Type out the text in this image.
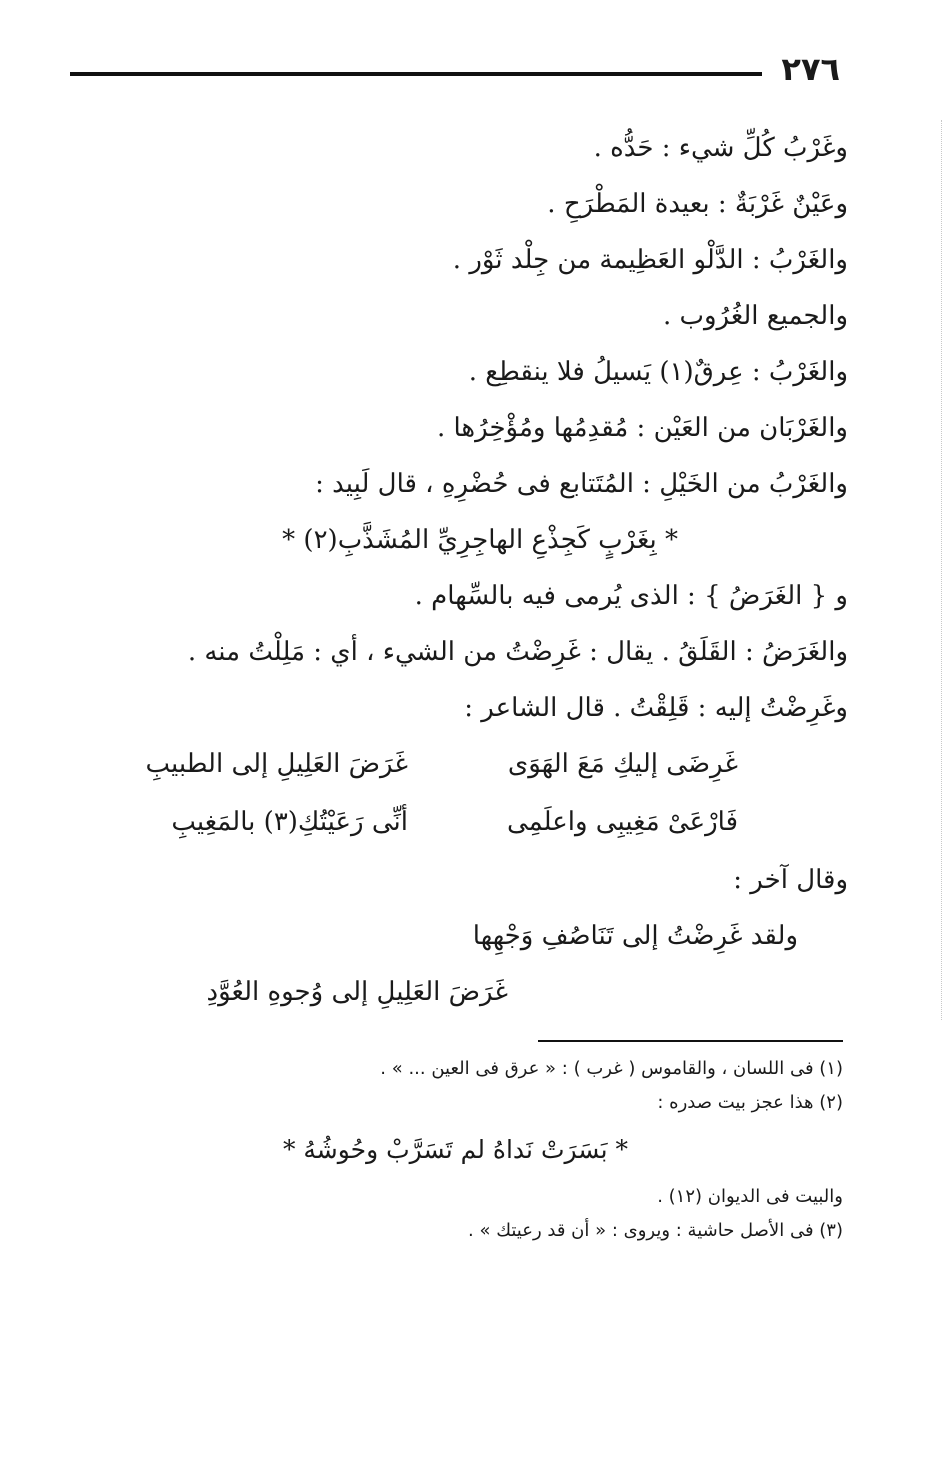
٢٧٦
وغَرْبُ كُلِّ شيء : حَدُّه .
وعَيْنٌ غَرْبَةٌ : بعيدة المَطْرَحِ .
والغَرْبُ : الدَّلْو العَظِيمة من جِلْد ثَوْر .
والجميع الغُرُوب .
والغَرْبُ : عِرقٌ(١) يَسيلُ فلا ينقطِع .
والغَرْبَان من العَيْن : مُقدِمُها ومُؤْخِرُها .
والغَرْبُ من الخَيْلِ : المُتَتابع فى حُضْرِهِ ، قال لَبِيد :
* بِغَرْبٍ كَجِذْعِ الهاجِرِيِّ المُشَذَّبِ(٢) *
و { الغَرَضُ } : الذى يُرمى فيه بالسِّهام .
والغَرَضُ : القَلَقُ . يقال : غَرِضْتُ من الشيء ، أي : مَلِلْتُ منه . وغَرِضْتُ إليه : قَلِقْتُ . قال الشاعر :
غَرِضَى إليكِ مَعَ الهَوَى
غَرَضَ العَلِيلِ إلى الطبيبِ
فَارْعَىْ مَغِيبِى واعلَمِى
أنِّى رَعَيْتُكِ(٣) بالمَغِيبِ
وقال آخر :
ولقد غَرِضْتُ إلى تَنَاصُفِ وَجْهِها
غَرَضَ العَلِيلِ إلى وُجوهِ العُوَّدِ
(١) فى اللسان ، والقاموس ( غرب ) : « عرق فى العين ... » .
(٢) هذا عجز بيت صدره :
* بَسَرَتْ نَداهُ لم تَسَرَّبْ وحُوشُهُ *
والبيت فى الديوان (١٢) .
(٣) فى الأصل حاشية : ويروى : « أن قد رعيتك » .
